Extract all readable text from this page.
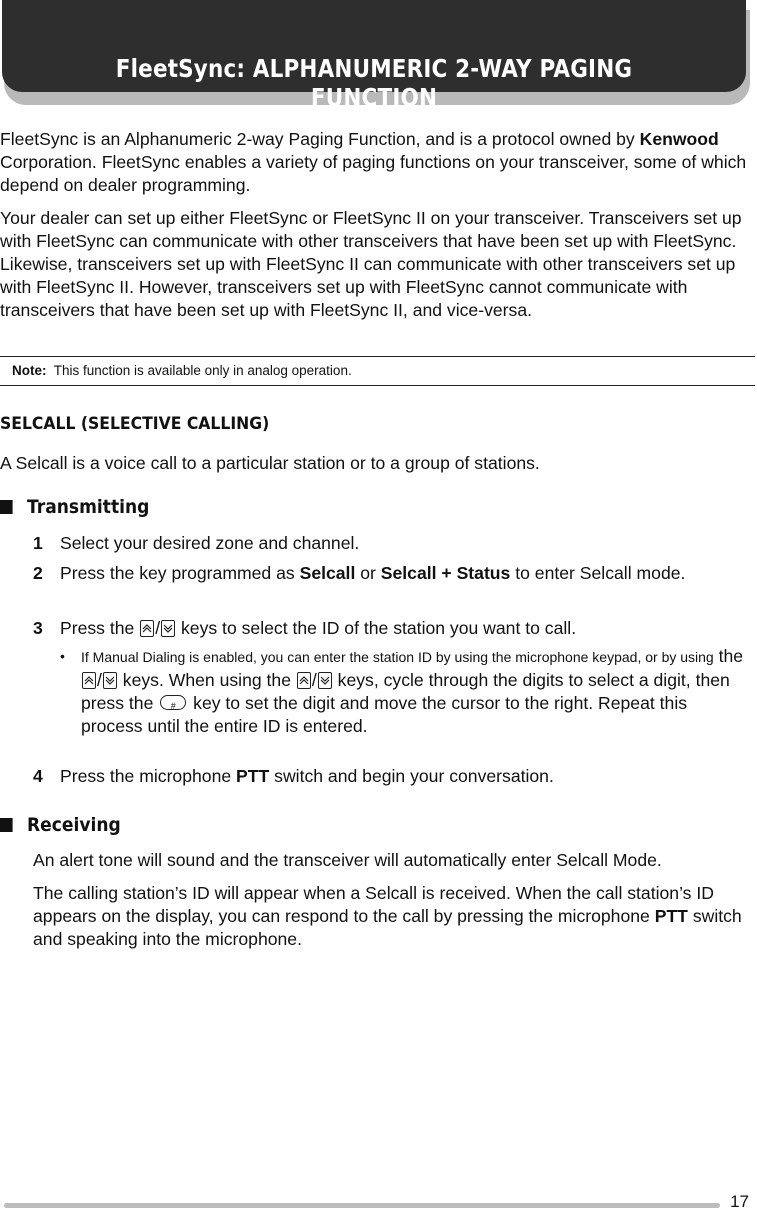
FleetSync: ALPHANUMERIC 2-WAY PAGING FUNCTION

FleetSync is an Alphanumeric 2-way Paging Function, and is a protocol owned by Kenwood Corporation. FleetSync enables a variety of paging functions on your transceiver, some of which depend on dealer programming.

Your dealer can set up either FleetSync or FleetSync II on your transceiver. Transceivers set up with FleetSync can communicate with other transceivers that have been set up with FleetSync. Likewise, transceivers set up with FleetSync II can communicate with other transceivers set up with FleetSync II. However, transceivers set up with FleetSync cannot communicate with transceivers that have been set up with FleetSync II, and vice-versa.

Note: This function is available only in analog operation.
SELCALL (SELECTIVE CALLING)
A Selcall is a voice call to a particular station or to a group of stations.
Transmitting
1 Select your desired zone and channel.
2 Press the key programmed as Selcall or Selcall + Status to enter Selcall mode.
3 Press the
/
keys to select the ID of the station you want to call.
• If Manual Dialing is enabled, you can enter the station ID by using the microphone keypad, or by using the
/
keys. When using the
/
keys, cycle through the digits to select a digit, then press the	# key to set the digit and move the cursor to the right. Repeat this process until the entire ID is entered.
4 Press the microphone PTT switch and begin your conversation.
Receiving

An alert tone will sound and the transceiver will automatically enter Selcall Mode.

The calling station’s ID will appear when a Selcall is received. When the call station’s ID appears on the display, you can respond to the call by pressing the microphone PTT switch and speaking into the microphone.

17
